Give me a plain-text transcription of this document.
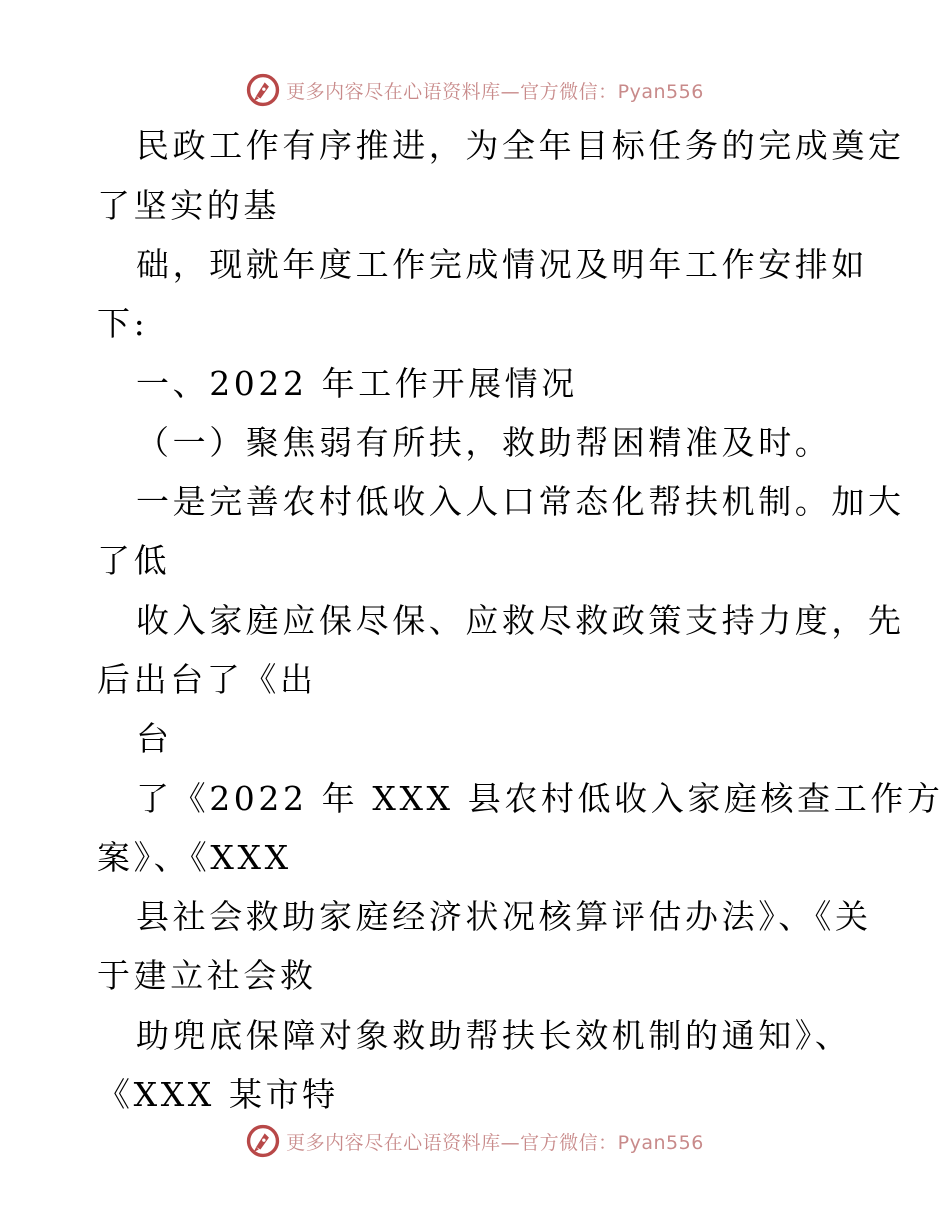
更多内容尽在心语资料库—官方微信：Pyan556

民政工作有序推进，为全年目标任务的完成奠定

了坚实的基

础，现就年度工作完成情况及明年工作安排如

下:

一、2022 年工作开展情况

（一）聚焦弱有所扶，救助帮困精准及时。

一是完善农村低收入人口常态化帮扶机制。加大

了低

收入家庭应保尽保、应救尽救政策支持力度，先

后出台了《出

台

了《2022 年 XXX 县农村低收入家庭核查工作方

案》、《XXX

县社会救助家庭经济状况核算评估办法》、《关

于建立社会救

助兜底保障对象救助帮扶长效机制的通知》、

《XXX 某市特

更多内容尽在心语资料库—官方微信：Pyan556
